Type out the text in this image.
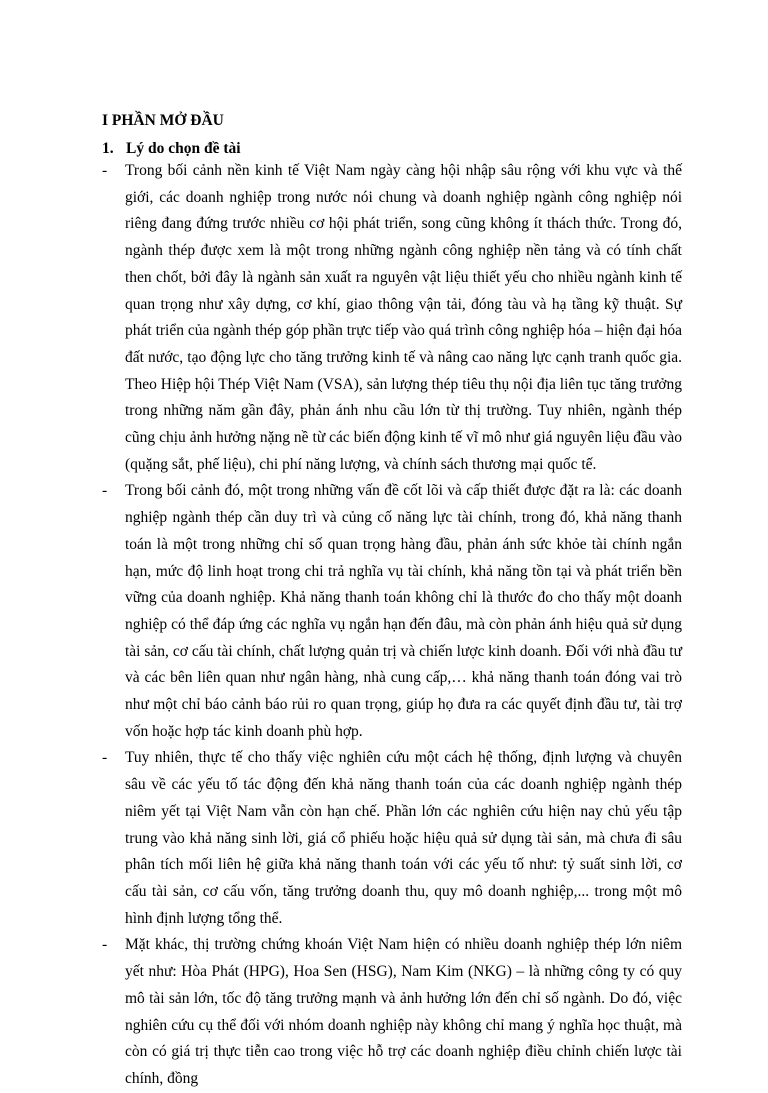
I PHẦN MỞ ĐẦU
1. Lý do chọn đề tài
- Trong bối cảnh nền kinh tế Việt Nam ngày càng hội nhập sâu rộng với khu vực và thế giới, các doanh nghiệp trong nước nói chung và doanh nghiệp ngành công nghiệp nói riêng đang đứng trước nhiều cơ hội phát triển, song cũng không ít thách thức. Trong đó, ngành thép được xem là một trong những ngành công nghiệp nền tảng và có tính chất then chốt, bởi đây là ngành sản xuất ra nguyên vật liệu thiết yếu cho nhiều ngành kinh tế quan trọng như xây dựng, cơ khí, giao thông vận tải, đóng tàu và hạ tầng kỹ thuật. Sự phát triển của ngành thép góp phần trực tiếp vào quá trình công nghiệp hóa – hiện đại hóa đất nước, tạo động lực cho tăng trưởng kinh tế và nâng cao năng lực cạnh tranh quốc gia. Theo Hiệp hội Thép Việt Nam (VSA), sản lượng thép tiêu thụ nội địa liên tục tăng trưởng trong những năm gần đây, phản ánh nhu cầu lớn từ thị trường. Tuy nhiên, ngành thép cũng chịu ảnh hưởng nặng nề từ các biến động kinh tế vĩ mô như giá nguyên liệu đầu vào (quặng sắt, phế liệu), chi phí năng lượng, và chính sách thương mại quốc tế.
- Trong bối cảnh đó, một trong những vấn đề cốt lõi và cấp thiết được đặt ra là: các doanh nghiệp ngành thép cần duy trì và củng cố năng lực tài chính, trong đó, khả năng thanh toán là một trong những chỉ số quan trọng hàng đầu, phản ánh sức khỏe tài chính ngắn hạn, mức độ linh hoạt trong chi trả nghĩa vụ tài chính, khả năng tồn tại và phát triển bền vững của doanh nghiệp. Khả năng thanh toán không chỉ là thước đo cho thấy một doanh nghiệp có thể đáp ứng các nghĩa vụ ngắn hạn đến đâu, mà còn phản ánh hiệu quả sử dụng tài sản, cơ cấu tài chính, chất lượng quản trị và chiến lược kinh doanh. Đối với nhà đầu tư và các bên liên quan như ngân hàng, nhà cung cấp,… khả năng thanh toán đóng vai trò như một chỉ báo cảnh báo rủi ro quan trọng, giúp họ đưa ra các quyết định đầu tư, tài trợ vốn hoặc hợp tác kinh doanh phù hợp.
- Tuy nhiên, thực tế cho thấy việc nghiên cứu một cách hệ thống, định lượng và chuyên sâu về các yếu tố tác động đến khả năng thanh toán của các doanh nghiệp ngành thép niêm yết tại Việt Nam vẫn còn hạn chế. Phần lớn các nghiên cứu hiện nay chủ yếu tập trung vào khả năng sinh lời, giá cổ phiếu hoặc hiệu quả sử dụng tài sản, mà chưa đi sâu phân tích mối liên hệ giữa khả năng thanh toán với các yếu tố như: tỷ suất sinh lời, cơ cấu tài sản, cơ cấu vốn, tăng trưởng doanh thu, quy mô doanh nghiệp,... trong một mô hình định lượng tổng thể.
- Mặt khác, thị trường chứng khoán Việt Nam hiện có nhiều doanh nghiệp thép lớn niêm yết như: Hòa Phát (HPG), Hoa Sen (HSG), Nam Kim (NKG) – là những công ty có quy mô tài sản lớn, tốc độ tăng trưởng mạnh và ảnh hưởng lớn đến chỉ số ngành. Do đó, việc nghiên cứu cụ thể đối với nhóm doanh nghiệp này không chỉ mang ý nghĩa học thuật, mà còn có giá trị thực tiễn cao trong việc hỗ trợ các doanh nghiệp điều chỉnh chiến lược tài chính, đồng
